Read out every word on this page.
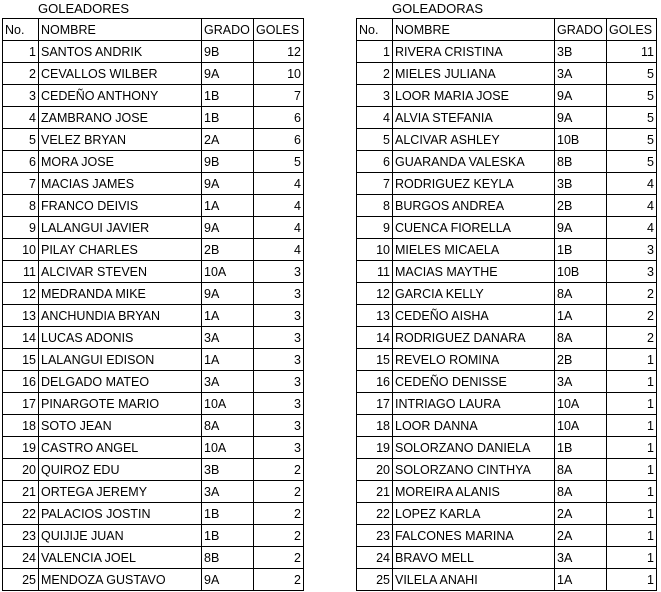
GOLEADORES
No.	NOMBRE	GRADO	GOLES
1	SANTOS ANDRIK	9B	12
2	CEVALLOS WILBER	9A	10
3	CEDEÑO ANTHONY	1B	7
4	ZAMBRANO JOSE	1B	6
5	VELEZ BRYAN	2A	6
6	MORA JOSE	9B	5
7	MACIAS JAMES	9A	4
8	FRANCO DEIVIS	1A	4
9	LALANGUI JAVIER	9A	4
10	PILAY CHARLES	2B	4
11	ALCIVAR STEVEN	10A	3
12	MEDRANDA MIKE	9A	3
13	ANCHUNDIA BRYAN	1A	3
14	LUCAS ADONIS	3A	3
15	LALANGUI EDISON	1A	3
16	DELGADO MATEO	3A	3
17	PINARGOTE MARIO	10A	3
18	SOTO JEAN	8A	3
19	CASTRO ANGEL	10A	3
20	QUIROZ EDU	3B	2
21	ORTEGA JEREMY	3A	2
22	PALACIOS JOSTIN	1B	2
23	QUIJIJE JUAN	1B	2
24	VALENCIA JOEL	8B	2
25	MENDOZA GUSTAVO	9A	2
GOLEADORAS
No.	NOMBRE	GRADO	GOLES
1	RIVERA CRISTINA	3B	11
2	MIELES JULIANA	3A	5
3	LOOR MARIA JOSE	9A	5
4	ALVIA STEFANIA	9A	5
5	ALCIVAR ASHLEY	10B	5
6	GUARANDA VALESKA	8B	5
7	RODRIGUEZ KEYLA	3B	4
8	BURGOS ANDREA	2B	4
9	CUENCA FIORELLA	9A	4
10	MIELES MICAELA	1B	3
11	MACIAS MAYTHE	10B	3
12	GARCIA KELLY	8A	2
13	CEDEÑO AISHA	1A	2
14	RODRIGUEZ DANARA	8A	2
15	REVELO ROMINA	2B	1
16	CEDEÑO DENISSE	3A	1
17	INTRIAGO LAURA	10A	1
18	LOOR DANNA	10A	1
19	SOLORZANO DANIELA	1B	1
20	SOLORZANO CINTHYA	8A	1
21	MOREIRA ALANIS	8A	1
22	LOPEZ KARLA	2A	1
23	FALCONES MARINA	2A	1
24	BRAVO MELL	3A	1
25	VILELA ANAHI	1A	1
